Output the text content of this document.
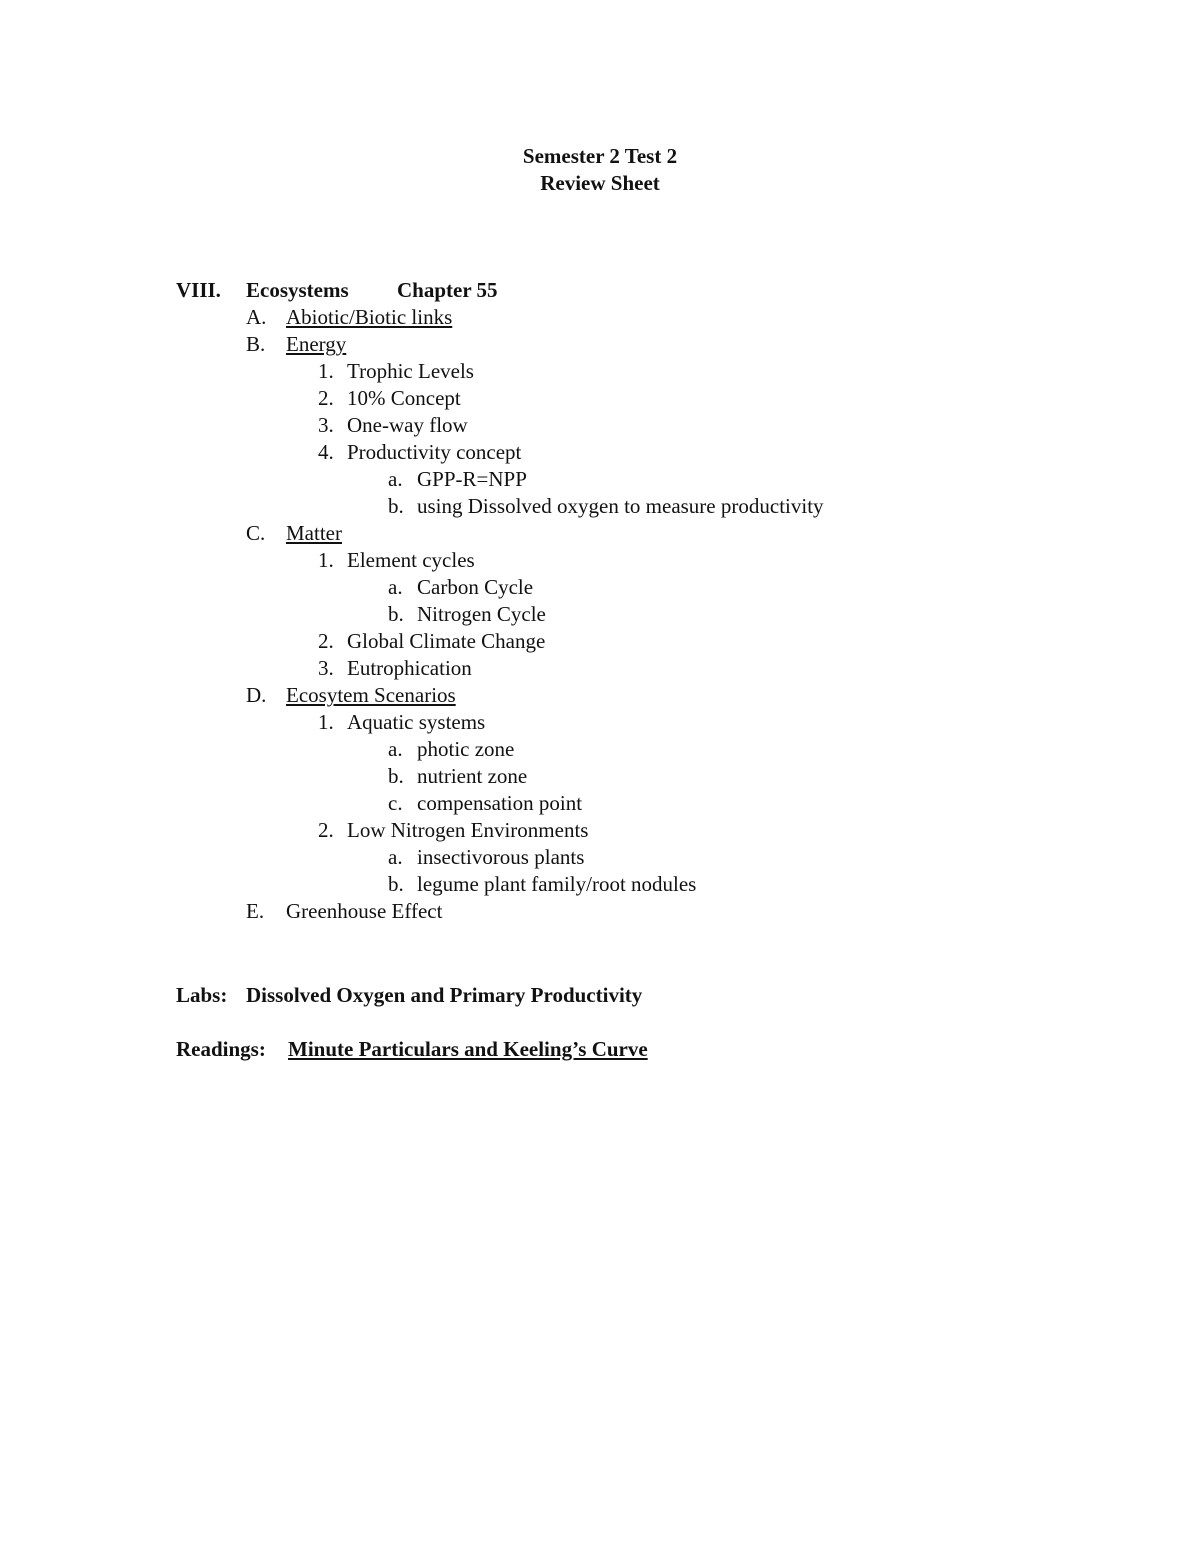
Semester 2 Test 2
Review Sheet
VIII. Ecosystems Chapter 55
A. Abiotic/Biotic links
B. Energy
1. Trophic Levels
2. 10% Concept
3. One-way flow
4. Productivity concept
a. GPP-R=NPP
b. using Dissolved oxygen to measure productivity
C. Matter
1. Element cycles
a. Carbon Cycle
b. Nitrogen Cycle
2. Global Climate Change
3. Eutrophication
D. Ecosytem Scenarios
1. Aquatic systems
a. photic zone
b. nutrient zone
c. compensation point
2. Low Nitrogen Environments
a. insectivorous plants
b. legume plant family/root nodules
E. Greenhouse Effect
Labs: Dissolved Oxygen and Primary Productivity
Readings: Minute Particulars and Keeling’s Curve
